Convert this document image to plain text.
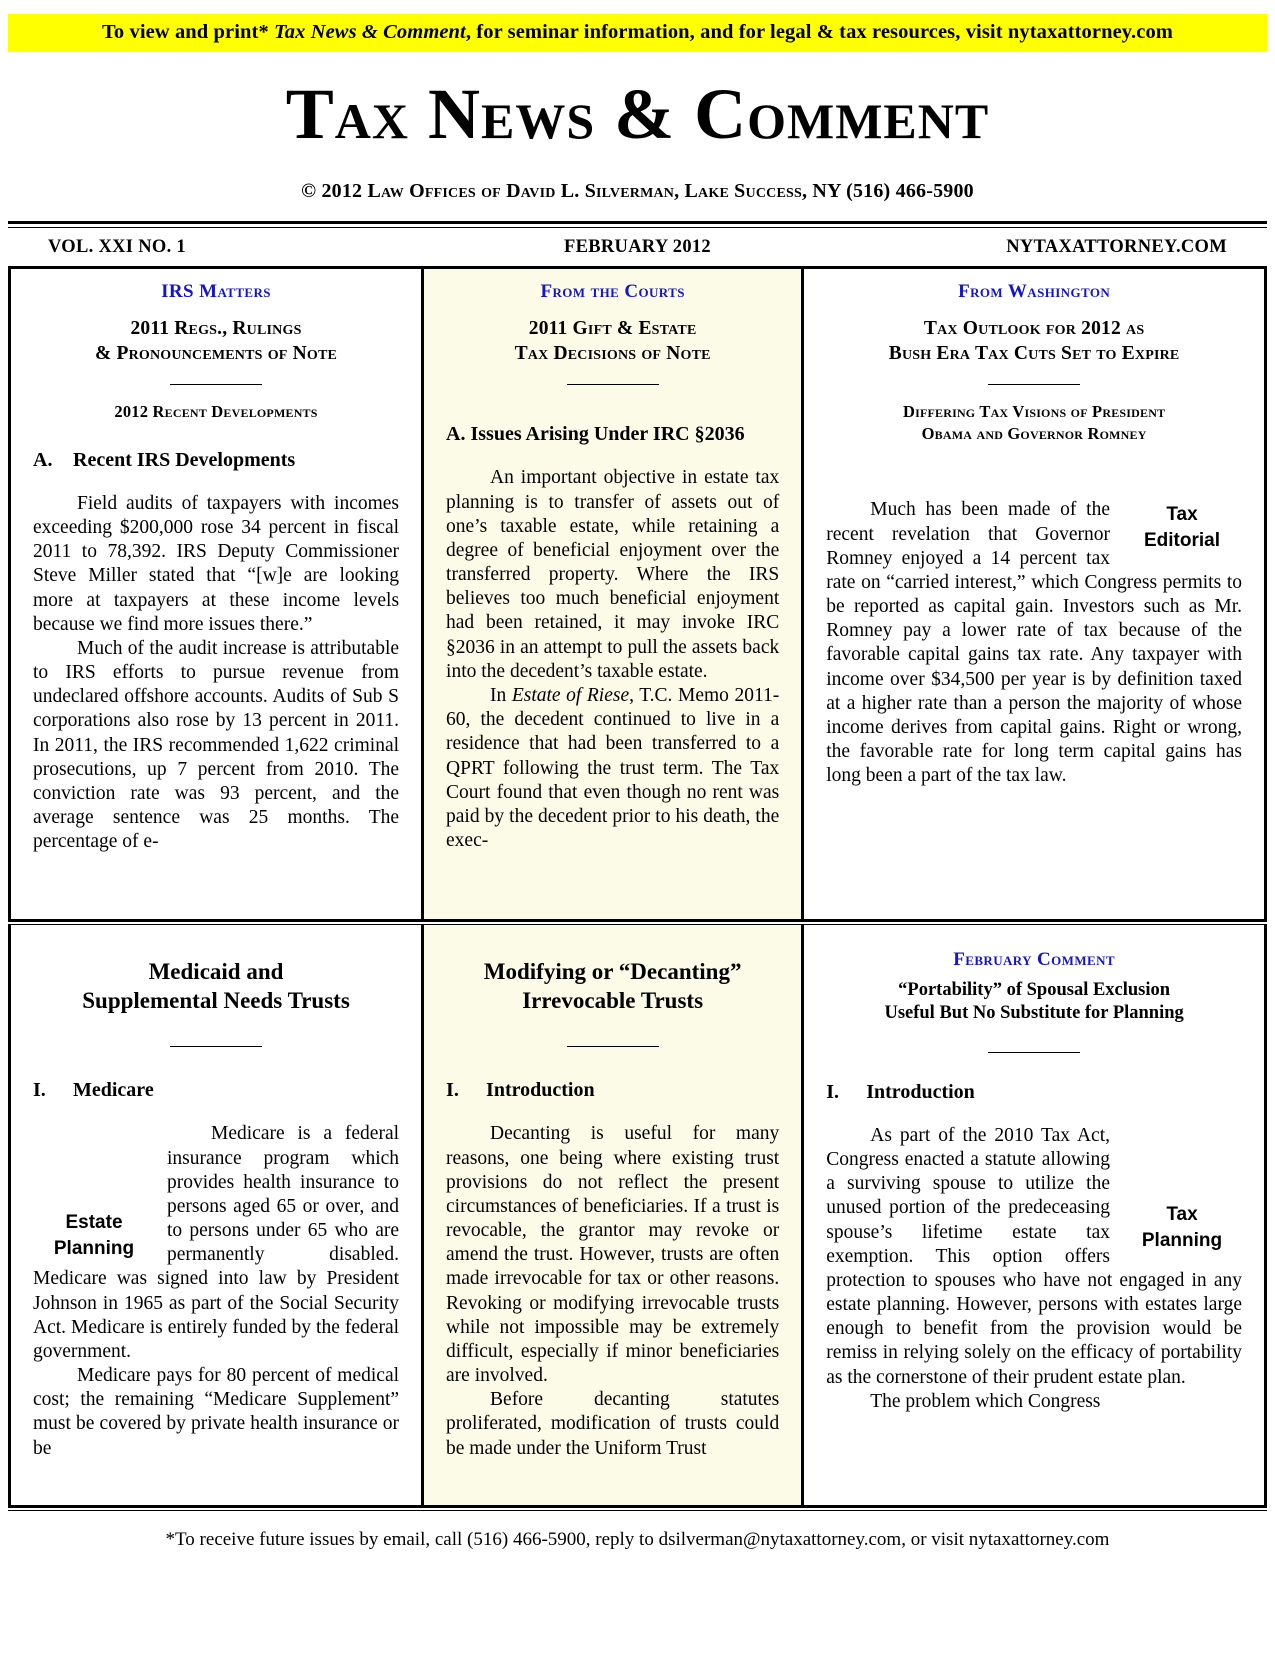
To view and print* Tax News & Comment, for seminar information, and for legal & tax resources, visit nytaxattorney.com
Tax News & Comment
© 2012 Law Offices of David L. Silverman, Lake Success, NY (516) 466-5900
VOL. XXI NO. 1	FEBRUARY 2012	NYTAXATTORNEY.COM
IRS Matters
2011 Regs., Rulings
& Pronouncements of Note
2012 Recent Developments
A. Recent IRS Developments

Field audits of taxpayers with incomes exceeding $200,000 rose 34 percent in fiscal 2011 to 78,392. IRS Deputy Commissioner Steve Miller stated that “[w]e are looking more at taxpayers at these income levels because we find more issues there.”

Much of the audit increase is attributable to IRS efforts to pursue revenue from undeclared offshore accounts. Audits of Sub S corporations also rose by 13 percent in 2011. In 2011, the IRS recommended 1,622 criminal prosecutions, up 7 percent from 2010. The conviction rate was 93 percent, and the average sentence was 25 months. The percentage of e-

From the Courts
2011 Gift & Estate
Tax Decisions of Note
A. Issues Arising Under IRC §2036

An important objective in estate tax planning is to transfer of assets out of one’s taxable estate, while retaining a degree of beneficial enjoyment over the transferred property. Where the IRS believes too much beneficial enjoyment had been retained, it may invoke IRC §2036 in an attempt to pull the assets back into the decedent’s taxable estate.

In Estate of Riese, T.C. Memo 2011-60, the decedent continued to live in a residence that had been transferred to a QPRT following the trust term. The Tax Court found that even though no rent was paid by the decedent prior to his death, the exec-

From Washington
Tax Outlook for 2012 as
Bush Era Tax Cuts Set to Expire
Differing Tax Visions of President
Obama and Governor Romney

Tax
Editorial
Much has been made of the recent revelation that Governor Romney enjoyed a 14 percent tax rate on “carried interest,” which Congress permits to be reported as capital gain. Investors such as Mr. Romney pay a lower rate of tax because of the favorable capital gains tax rate. Any taxpayer with income over $34,500 per year is by definition taxed at a higher rate than a person the majority of whose income derives from capital gains. Right or wrong, the favorable rate for long term capital gains has long been a part of the tax law.

Medicaid and
Supplemental Needs Trusts
I. Medicare

Estate
Planning
Medicare is a federal insurance program which provides health insurance to persons aged 65 or over, and to persons under 65 who are permanently disabled. Medicare was signed into law by President Johnson in 1965 as part of the Social Security Act. Medicare is entirely funded by the federal government.

Medicare pays for 80 percent of medical cost; the remaining “Medicare Supplement” must be covered by private health insurance or be

Modifying or “Decanting”
Irrevocable Trusts
I. Introduction

Decanting is useful for many reasons, one being where existing trust provisions do not reflect the present circumstances of beneficiaries. If a trust is revocable, the grantor may revoke or amend the trust. However, trusts are often made irrevocable for tax or other reasons. Revoking or modifying irrevocable trusts while not impossible may be extremely difficult, especially if minor beneficiaries are involved.

Before decanting statutes proliferated, modification of trusts could be made under the Uniform Trust

February Comment
“Portability” of Spousal Exclusion
Useful But No Substitute for Planning
I. Introduction

Tax
Planning
As part of the 2010 Tax Act, Congress enacted a statute allowing a surviving spouse to utilize the unused portion of the predeceasing spouse’s lifetime estate tax exemption. This option offers protection to spouses who have not engaged in any estate planning. However, persons with estates large enough to benefit from the provision would be remiss in relying solely on the efficacy of portability as the cornerstone of their prudent estate plan.

The problem which Congress

*To receive future issues by email, call (516) 466-5900, reply to dsilverman@nytaxattorney.com, or visit nytaxattorney.com
